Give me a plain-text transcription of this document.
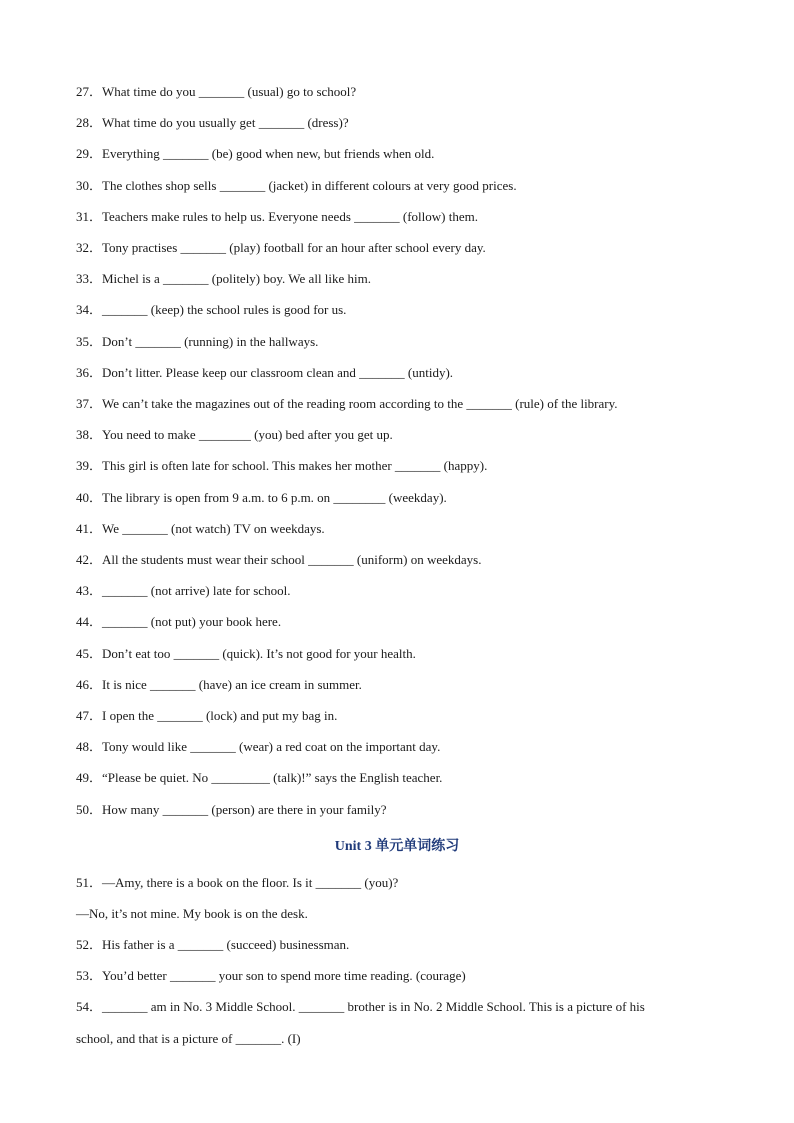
27．What time do you _______ (usual) go to school?
28．What time do you usually get _______ (dress)?
29．Everything _______ (be) good when new, but friends when old.
30．The clothes shop sells _______ (jacket) in different colours at very good prices.
31．Teachers make rules to help us. Everyone needs _______ (follow) them.
32．Tony practises _______ (play) football for an hour after school every day.
33．Michel is a _______ (politely) boy. We all like him.
34．_______ (keep) the school rules is good for us.
35．Don’t _______ (running) in the hallways.
36．Don’t litter. Please keep our classroom clean and _______ (untidy).
37．We can’t take the magazines out of the reading room according to the _______ (rule) of the library.
38．You need to make ________ (you) bed after you get up.
39．This girl is often late for school. This makes her mother _______ (happy).
40．The library is open from 9 a.m. to 6 p.m. on ________ (weekday).
41．We _______ (not watch) TV on weekdays.
42．All the students must wear their school _______ (uniform) on weekdays.
43．_______ (not arrive) late for school.
44．_______ (not put) your book here.
45．Don’t eat too _______ (quick). It’s not good for your health.
46．It is nice _______ (have) an ice cream in summer.
47．I open the _______ (lock) and put my bag in.
48．Tony would like _______ (wear) a red coat on the important day.
49．“Please be quiet. No _________ (talk)!” says the English teacher.
50．How many _______ (person) are there in your family?
Unit 3 单元单词练习
51．—Amy, there is a book on the floor. Is it _______ (you)?
—No, it’s not mine. My book is on the desk.
52．His father is a _______ (succeed) businessman.
53．You’d better _______ your son to spend more time reading. (courage)
54．_______ am in No. 3 Middle School. _______ brother is in No. 2 Middle School. This is a picture of his
school, and that is a picture of _______. (I)
